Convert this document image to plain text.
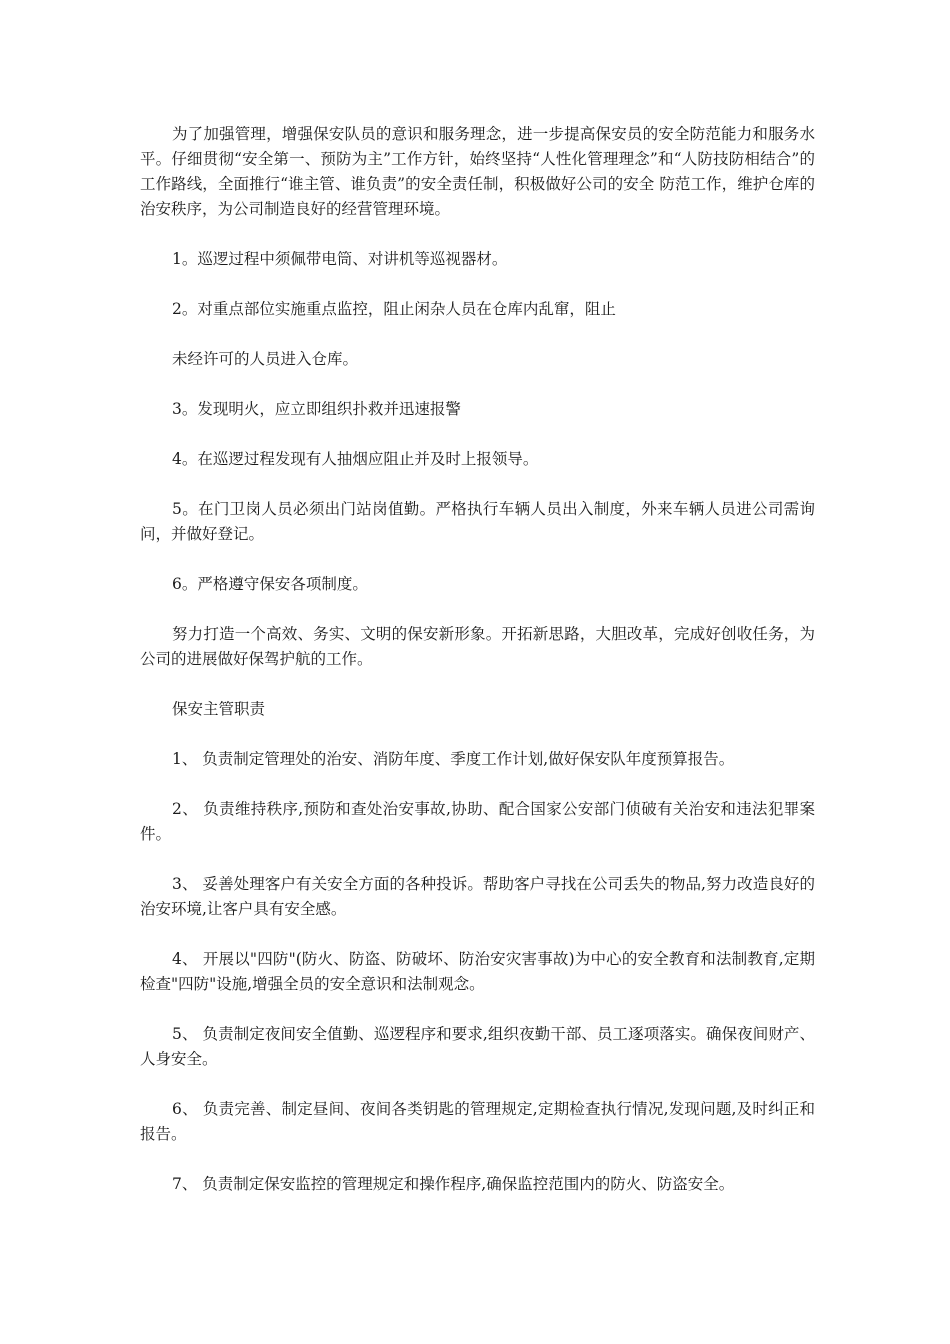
为了加强管理，增强保安队员的意识和服务理念，进一步提高保安员的安全防范能力和服务水平。仔细贯彻“安全第一、预防为主”工作方针，始终坚持“人性化管理理念”和“人防技防相结合”的工作路线，全面推行“谁主管、谁负责”的安全责任制，积极做好公司的安全 防范工作，维护仓库的治安秩序，为公司制造良好的经营管理环境。

1。巡逻过程中须佩带电筒、对讲机等巡视器材。

2。对重点部位实施重点监控，阻止闲杂人员在仓库内乱窜，阻止

未经许可的人员进入仓库。

3。发现明火，应立即组织扑救并迅速报警

4。在巡逻过程发现有人抽烟应阻止并及时上报领导。

5。在门卫岗人员必须出门站岗值勤。严格执行车辆人员出入制度，外来车辆人员进公司需询问，并做好登记。

6。严格遵守保安各项制度。

努力打造一个高效、务实、文明的保安新形象。开拓新思路，大胆改革，完成好创收任务，为公司的进展做好保驾护航的工作。

保安主管职责

1、 负责制定管理处的治安、消防年度、季度工作计划,做好保安队年度预算报告。

2、 负责维持秩序,预防和查处治安事故,协助、配合国家公安部门侦破有关治安和违法犯罪案件。

3、 妥善处理客户有关安全方面的各种投诉。帮助客户寻找在公司丢失的物品,努力改造良好的治安环境,让客户具有安全感。

4、 开展以"四防"(防火、防盗、防破坏、防治安灾害事故)为中心的安全教育和法制教育,定期检查"四防"设施,增强全员的安全意识和法制观念。

5、 负责制定夜间安全值勤、巡逻程序和要求,组织夜勤干部、员工逐项落实。确保夜间财产、人身安全。

6、 负责完善、制定昼间、夜间各类钥匙的管理规定,定期检查执行情况,发现问题,及时纠正和报告。

7、 负责制定保安监控的管理规定和操作程序,确保监控范围内的防火、防盗安全。
